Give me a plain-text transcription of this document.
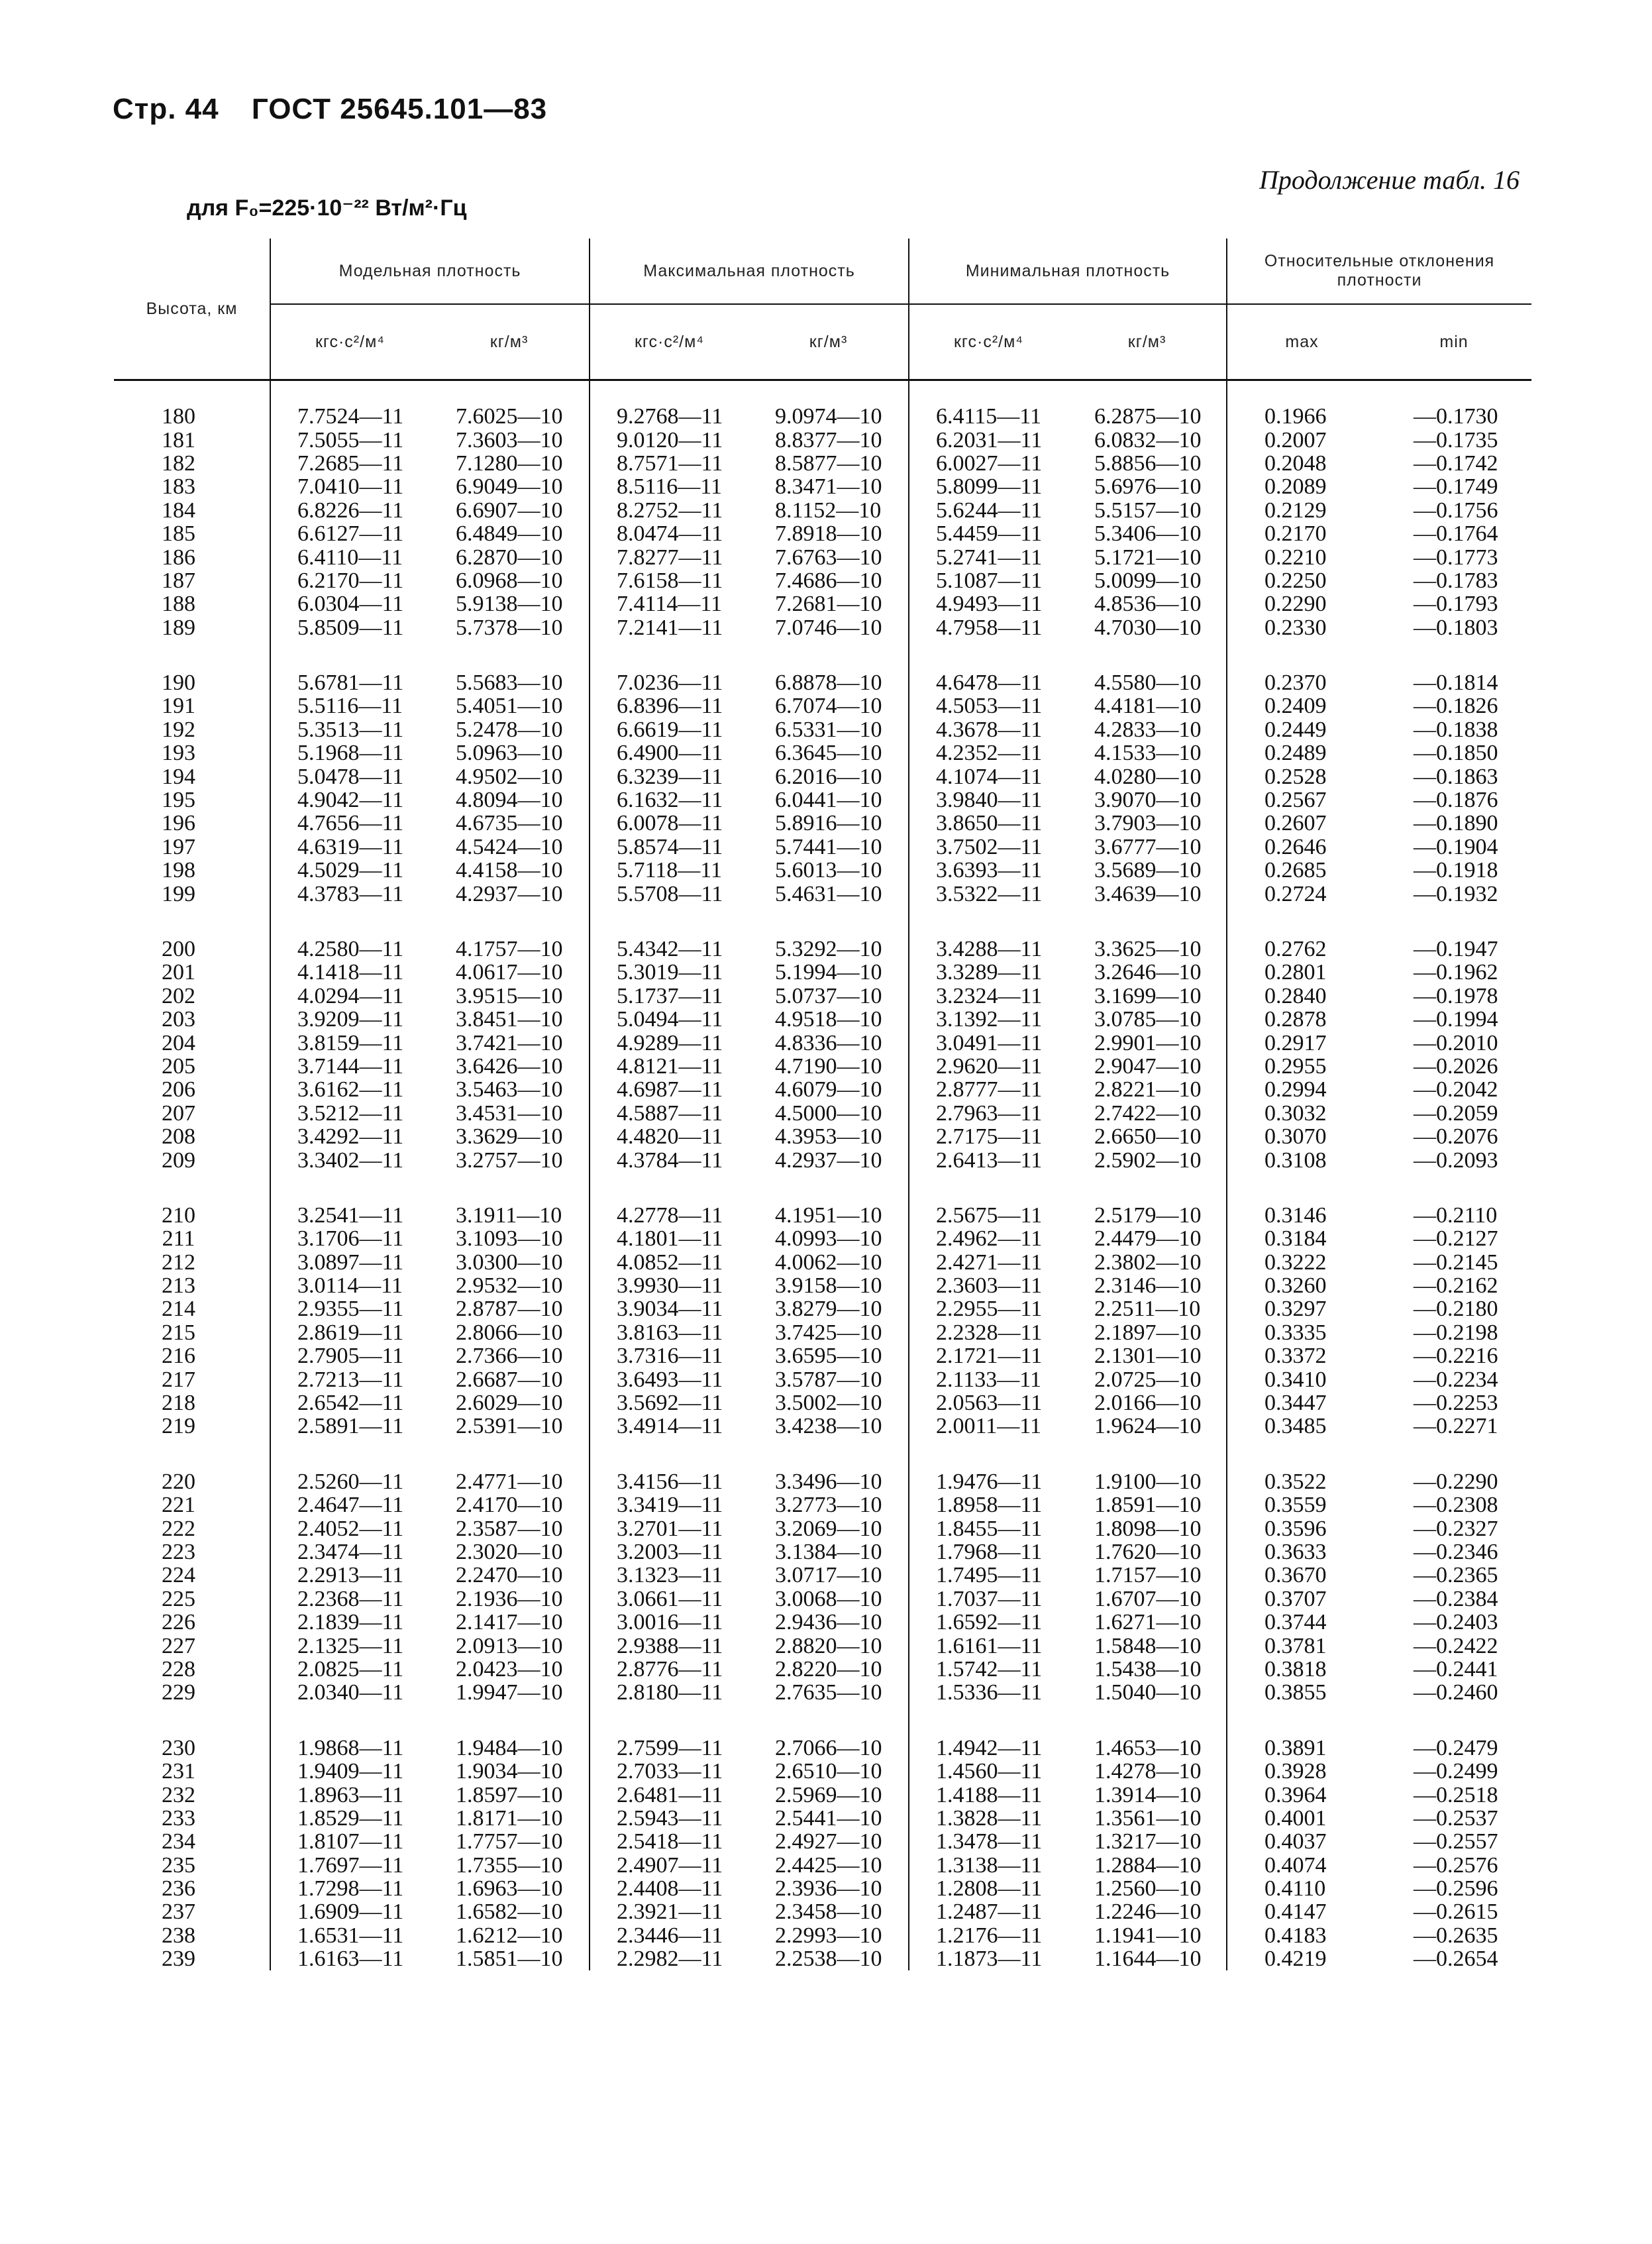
Стр. 44 ГОСТ 25645.101—83
Продолжение табл. 16
для F₀=225·10⁻²² Вт/м²·Гц
Высота, км	Модельная плотность		Максимальная плотность		Минимальная плотность		Относительные отклонения плотности	
	кгс·с²/м⁴	кг/м³	кгс·с²/м⁴	кг/м³	кгс·с²/м⁴	кг/м³	max	min

180	7.7524—11	7.6025—10	9.2768—11	9.0974—10	6.4115—11	6.2875—10	0.1966	—0.1730
181	7.5055—11	7.3603—10	9.0120—11	8.8377—10	6.2031—11	6.0832—10	0.2007	—0.1735
182	7.2685—11	7.1280—10	8.7571—11	8.5877—10	6.0027—11	5.8856—10	0.2048	—0.1742
183	7.0410—11	6.9049—10	8.5116—11	8.3471—10	5.8099—11	5.6976—10	0.2089	—0.1749
184	6.8226—11	6.6907—10	8.2752—11	8.1152—10	5.6244—11	5.5157—10	0.2129	—0.1756
185	6.6127—11	6.4849—10	8.0474—11	7.8918—10	5.4459—11	5.3406—10	0.2170	—0.1764
186	6.4110—11	6.2870—10	7.8277—11	7.6763—10	5.2741—11	5.1721—10	0.2210	—0.1773
187	6.2170—11	6.0968—10	7.6158—11	7.4686—10	5.1087—11	5.0099—10	0.2250	—0.1783
188	6.0304—11	5.9138—10	7.4114—11	7.2681—10	4.9493—11	4.8536—10	0.2290	—0.1793
189	5.8509—11	5.7378—10	7.2141—11	7.0746—10	4.7958—11	4.7030—10	0.2330	—0.1803

190	5.6781—11	5.5683—10	7.0236—11	6.8878—10	4.6478—11	4.5580—10	0.2370	—0.1814
191	5.5116—11	5.4051—10	6.8396—11	6.7074—10	4.5053—11	4.4181—10	0.2409	—0.1826
192	5.3513—11	5.2478—10	6.6619—11	6.5331—10	4.3678—11	4.2833—10	0.2449	—0.1838
193	5.1968—11	5.0963—10	6.4900—11	6.3645—10	4.2352—11	4.1533—10	0.2489	—0.1850
194	5.0478—11	4.9502—10	6.3239—11	6.2016—10	4.1074—11	4.0280—10	0.2528	—0.1863
195	4.9042—11	4.8094—10	6.1632—11	6.0441—10	3.9840—11	3.9070—10	0.2567	—0.1876
196	4.7656—11	4.6735—10	6.0078—11	5.8916—10	3.8650—11	3.7903—10	0.2607	—0.1890
197	4.6319—11	4.5424—10	5.8574—11	5.7441—10	3.7502—11	3.6777—10	0.2646	—0.1904
198	4.5029—11	4.4158—10	5.7118—11	5.6013—10	3.6393—11	3.5689—10	0.2685	—0.1918
199	4.3783—11	4.2937—10	5.5708—11	5.4631—10	3.5322—11	3.4639—10	0.2724	—0.1932

200	4.2580—11	4.1757—10	5.4342—11	5.3292—10	3.4288—11	3.3625—10	0.2762	—0.1947
201	4.1418—11	4.0617—10	5.3019—11	5.1994—10	3.3289—11	3.2646—10	0.2801	—0.1962
202	4.0294—11	3.9515—10	5.1737—11	5.0737—10	3.2324—11	3.1699—10	0.2840	—0.1978
203	3.9209—11	3.8451—10	5.0494—11	4.9518—10	3.1392—11	3.0785—10	0.2878	—0.1994
204	3.8159—11	3.7421—10	4.9289—11	4.8336—10	3.0491—11	2.9901—10	0.2917	—0.2010
205	3.7144—11	3.6426—10	4.8121—11	4.7190—10	2.9620—11	2.9047—10	0.2955	—0.2026
206	3.6162—11	3.5463—10	4.6987—11	4.6079—10	2.8777—11	2.8221—10	0.2994	—0.2042
207	3.5212—11	3.4531—10	4.5887—11	4.5000—10	2.7963—11	2.7422—10	0.3032	—0.2059
208	3.4292—11	3.3629—10	4.4820—11	4.3953—10	2.7175—11	2.6650—10	0.3070	—0.2076
209	3.3402—11	3.2757—10	4.3784—11	4.2937—10	2.6413—11	2.5902—10	0.3108	—0.2093

210	3.2541—11	3.1911—10	4.2778—11	4.1951—10	2.5675—11	2.5179—10	0.3146	—0.2110
211	3.1706—11	3.1093—10	4.1801—11	4.0993—10	2.4962—11	2.4479—10	0.3184	—0.2127
212	3.0897—11	3.0300—10	4.0852—11	4.0062—10	2.4271—11	2.3802—10	0.3222	—0.2145
213	3.0114—11	2.9532—10	3.9930—11	3.9158—10	2.3603—11	2.3146—10	0.3260	—0.2162
214	2.9355—11	2.8787—10	3.9034—11	3.8279—10	2.2955—11	2.2511—10	0.3297	—0.2180
215	2.8619—11	2.8066—10	3.8163—11	3.7425—10	2.2328—11	2.1897—10	0.3335	—0.2198
216	2.7905—11	2.7366—10	3.7316—11	3.6595—10	2.1721—11	2.1301—10	0.3372	—0.2216
217	2.7213—11	2.6687—10	3.6493—11	3.5787—10	2.1133—11	2.0725—10	0.3410	—0.2234
218	2.6542—11	2.6029—10	3.5692—11	3.5002—10	2.0563—11	2.0166—10	0.3447	—0.2253
219	2.5891—11	2.5391—10	3.4914—11	3.4238—10	2.0011—11	1.9624—10	0.3485	—0.2271

220	2.5260—11	2.4771—10	3.4156—11	3.3496—10	1.9476—11	1.9100—10	0.3522	—0.2290
221	2.4647—11	2.4170—10	3.3419—11	3.2773—10	1.8958—11	1.8591—10	0.3559	—0.2308
222	2.4052—11	2.3587—10	3.2701—11	3.2069—10	1.8455—11	1.8098—10	0.3596	—0.2327
223	2.3474—11	2.3020—10	3.2003—11	3.1384—10	1.7968—11	1.7620—10	0.3633	—0.2346
224	2.2913—11	2.2470—10	3.1323—11	3.0717—10	1.7495—11	1.7157—10	0.3670	—0.2365
225	2.2368—11	2.1936—10	3.0661—11	3.0068—10	1.7037—11	1.6707—10	0.3707	—0.2384
226	2.1839—11	2.1417—10	3.0016—11	2.9436—10	1.6592—11	1.6271—10	0.3744	—0.2403
227	2.1325—11	2.0913—10	2.9388—11	2.8820—10	1.6161—11	1.5848—10	0.3781	—0.2422
228	2.0825—11	2.0423—10	2.8776—11	2.8220—10	1.5742—11	1.5438—10	0.3818	—0.2441
229	2.0340—11	1.9947—10	2.8180—11	2.7635—10	1.5336—11	1.5040—10	0.3855	—0.2460

230	1.9868—11	1.9484—10	2.7599—11	2.7066—10	1.4942—11	1.4653—10	0.3891	—0.2479
231	1.9409—11	1.9034—10	2.7033—11	2.6510—10	1.4560—11	1.4278—10	0.3928	—0.2499
232	1.8963—11	1.8597—10	2.6481—11	2.5969—10	1.4188—11	1.3914—10	0.3964	—0.2518
233	1.8529—11	1.8171—10	2.5943—11	2.5441—10	1.3828—11	1.3561—10	0.4001	—0.2537
234	1.8107—11	1.7757—10	2.5418—11	2.4927—10	1.3478—11	1.3217—10	0.4037	—0.2557
235	1.7697—11	1.7355—10	2.4907—11	2.4425—10	1.3138—11	1.2884—10	0.4074	—0.2576
236	1.7298—11	1.6963—10	2.4408—11	2.3936—10	1.2808—11	1.2560—10	0.4110	—0.2596
237	1.6909—11	1.6582—10	2.3921—11	2.3458—10	1.2487—11	1.2246—10	0.4147	—0.2615
238	1.6531—11	1.6212—10	2.3446—11	2.2993—10	1.2176—11	1.1941—10	0.4183	—0.2635
239	1.6163—11	1.5851—10	2.2982—11	2.2538—10	1.1873—11	1.1644—10	0.4219	—0.2654
